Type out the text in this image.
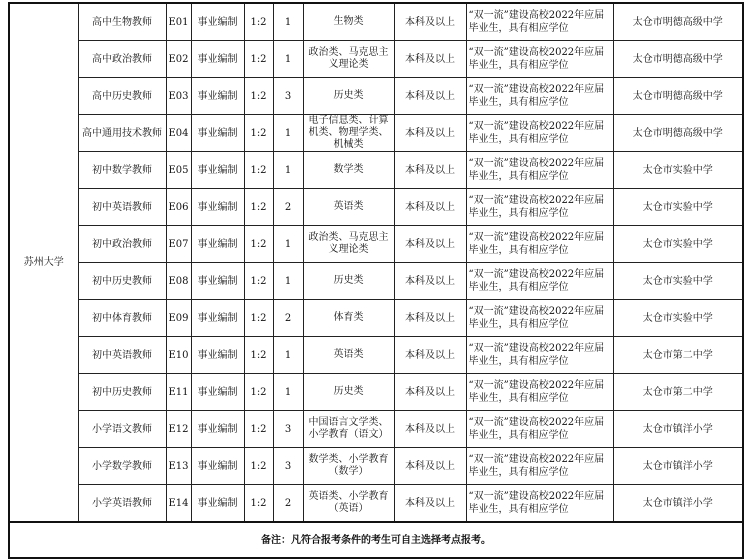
苏州大学	高中生物教师	E01	事业编制	1:2	1	生物类	本科及以上	“双一流”建设高校2022年应届毕业生，具有相应学位	太仓市明德高级中学
	高中政治教师	E02	事业编制	1:2	1	政治类、马克思主义理论类	本科及以上	“双一流”建设高校2022年应届毕业生，具有相应学位	太仓市明德高级中学
	高中历史教师	E03	事业编制	1:2	3	历史类	本科及以上	“双一流”建设高校2022年应届毕业生，具有相应学位	太仓市明德高级中学
	高中通用技术教师	E04	事业编制	1:2	1	电子信息类、计算机类、物理学类、机械类	本科及以上	“双一流”建设高校2022年应届毕业生，具有相应学位	太仓市明德高级中学
	初中数学教师	E05	事业编制	1:2	1	数学类	本科及以上	“双一流”建设高校2022年应届毕业生，具有相应学位	太仓市实验中学
	初中英语教师	E06	事业编制	1:2	2	英语类	本科及以上	“双一流”建设高校2022年应届毕业生，具有相应学位	太仓市实验中学
	初中政治教师	E07	事业编制	1:2	1	政治类、马克思主义理论类	本科及以上	“双一流”建设高校2022年应届毕业生，具有相应学位	太仓市实验中学
	初中历史教师	E08	事业编制	1:2	1	历史类	本科及以上	“双一流”建设高校2022年应届毕业生，具有相应学位	太仓市实验中学
	初中体育教师	E09	事业编制	1:2	2	体育类	本科及以上	“双一流”建设高校2022年应届毕业生，具有相应学位	太仓市实验中学
	初中英语教师	E10	事业编制	1:2	1	英语类	本科及以上	“双一流”建设高校2022年应届毕业生，具有相应学位	太仓市第二中学
	初中历史教师	E11	事业编制	1:2	1	历史类	本科及以上	“双一流”建设高校2022年应届毕业生，具有相应学位	太仓市第二中学
	小学语文教师	E12	事业编制	1:2	3	中国语言文学类、小学教育（语文）	本科及以上	“双一流”建设高校2022年应届毕业生，具有相应学位	太仓市镇洋小学
	小学数学教师	E13	事业编制	1:2	3	数学类、小学教育（数学）	本科及以上	“双一流”建设高校2022年应届毕业生，具有相应学位	太仓市镇洋小学
	小学英语教师	E14	事业编制	1:2	2	英语类、小学教育（英语）	本科及以上	“双一流”建设高校2022年应届毕业生，具有相应学位	太仓市镇洋小学
备注：凡符合报考条件的考生可自主选择考点报考。									
